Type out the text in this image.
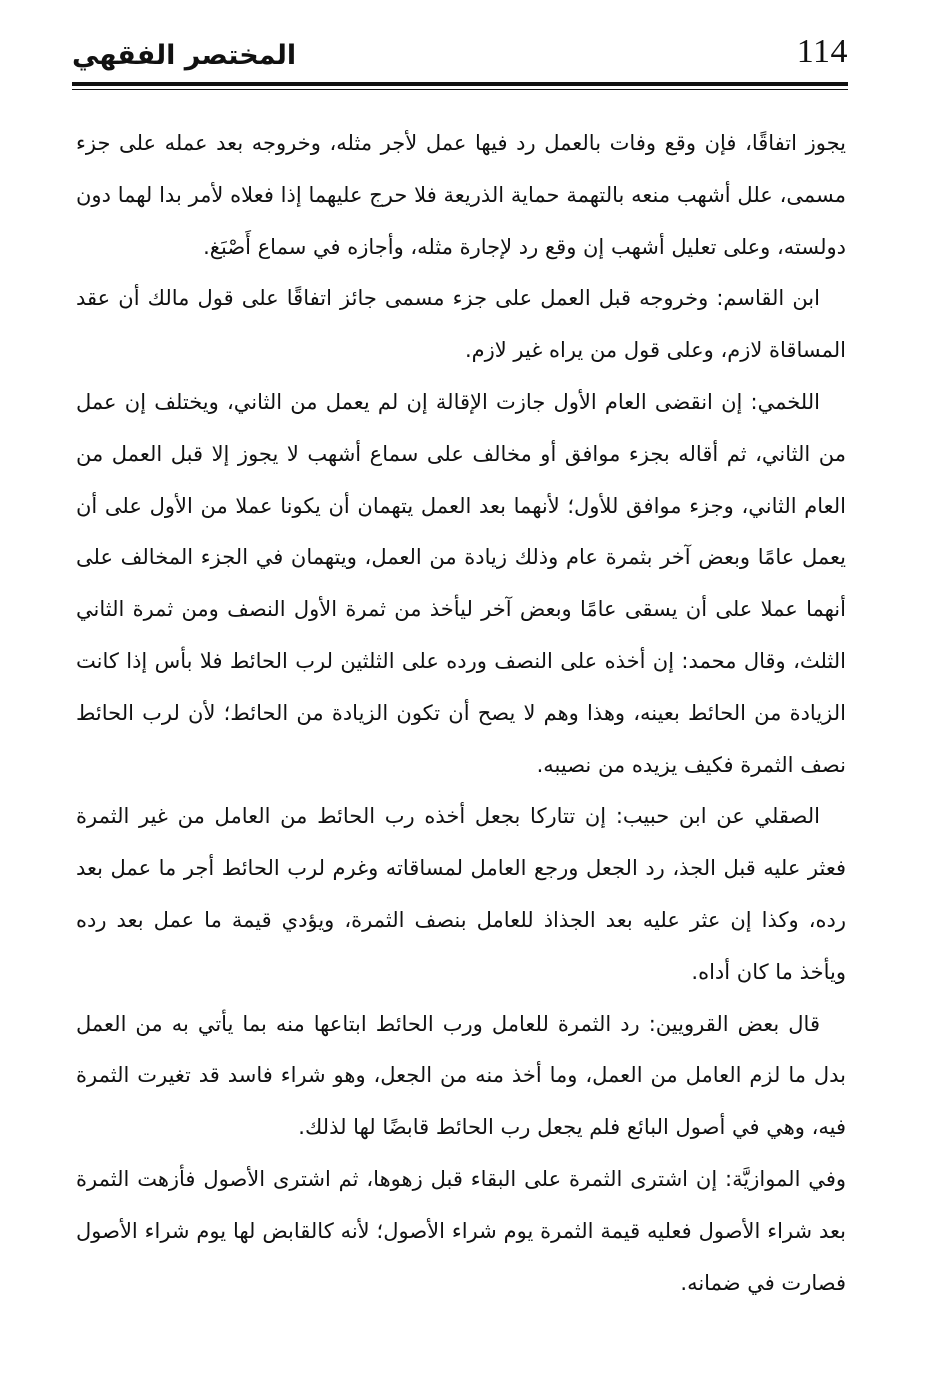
114
المختصر الفقهي

يجوز اتفاقًا، فإن وقع وفات بالعمل رد فيها عمل لأجر مثله، وخروجه بعد عمله على جزء مسمى، علل أشهب منعه بالتهمة حماية الذريعة فلا حرج عليهما إذا فعلاه لأمر بدا لهما دون دولسته، وعلى تعليل أشهب إن وقع رد لإجارة مثله، وأجازه في سماع أَصْبَغ.

ابن القاسم: وخروجه قبل العمل على جزء مسمى جائز اتفاقًا على قول مالك أن عقد المساقاة لازم، وعلى قول من يراه غير لازم.

اللخمي: إن انقضى العام الأول جازت الإقالة إن لم يعمل من الثاني، ويختلف إن عمل من الثاني، ثم أقاله بجزء موافق أو مخالف على سماع أشهب لا يجوز إلا قبل العمل من العام الثاني، وجزء موافق للأول؛ لأنهما بعد العمل يتهمان أن يكونا عملا من الأول على أن يعمل عامًا وبعض آخر بثمرة عام وذلك زيادة من العمل، ويتهمان في الجزء المخالف على أنهما عملا على أن يسقى عامًا وبعض آخر ليأخذ من ثمرة الأول النصف ومن ثمرة الثاني الثلث، وقال محمد: إن أخذه على النصف ورده على الثلثين لرب الحائط فلا بأس إذا كانت الزيادة من الحائط بعينه، وهذا وهم لا يصح أن تكون الزيادة من الحائط؛ لأن لرب الحائط نصف الثمرة فكيف يزيده من نصيبه.

الصقلي عن ابن حبيب: إن تتاركا بجعل أخذه رب الحائط من العامل من غير الثمرة فعثر عليه قبل الجذ، رد الجعل ورجع العامل لمساقاته وغرم لرب الحائط أجر ما عمل بعد رده، وكذا إن عثر عليه بعد الجذاذ للعامل بنصف الثمرة، ويؤدي قيمة ما عمل بعد رده ويأخذ ما كان أداه.

قال بعض القرويين: رد الثمرة للعامل ورب الحائط ابتاعها منه بما يأتي به من العمل بدل ما لزم العامل من العمل، وما أخذ منه من الجعل، وهو شراء فاسد قد تغيرت الثمرة فيه، وهي في أصول البائع فلم يجعل رب الحائط قابضًا لها لذلك.

وفي الموازيَّة: إن اشترى الثمرة على البقاء قبل زهوها، ثم اشترى الأصول فأزهت الثمرة بعد شراء الأصول فعليه قيمة الثمرة يوم شراء الأصول؛ لأنه كالقابض لها يوم شراء الأصول فصارت في ضمانه.
